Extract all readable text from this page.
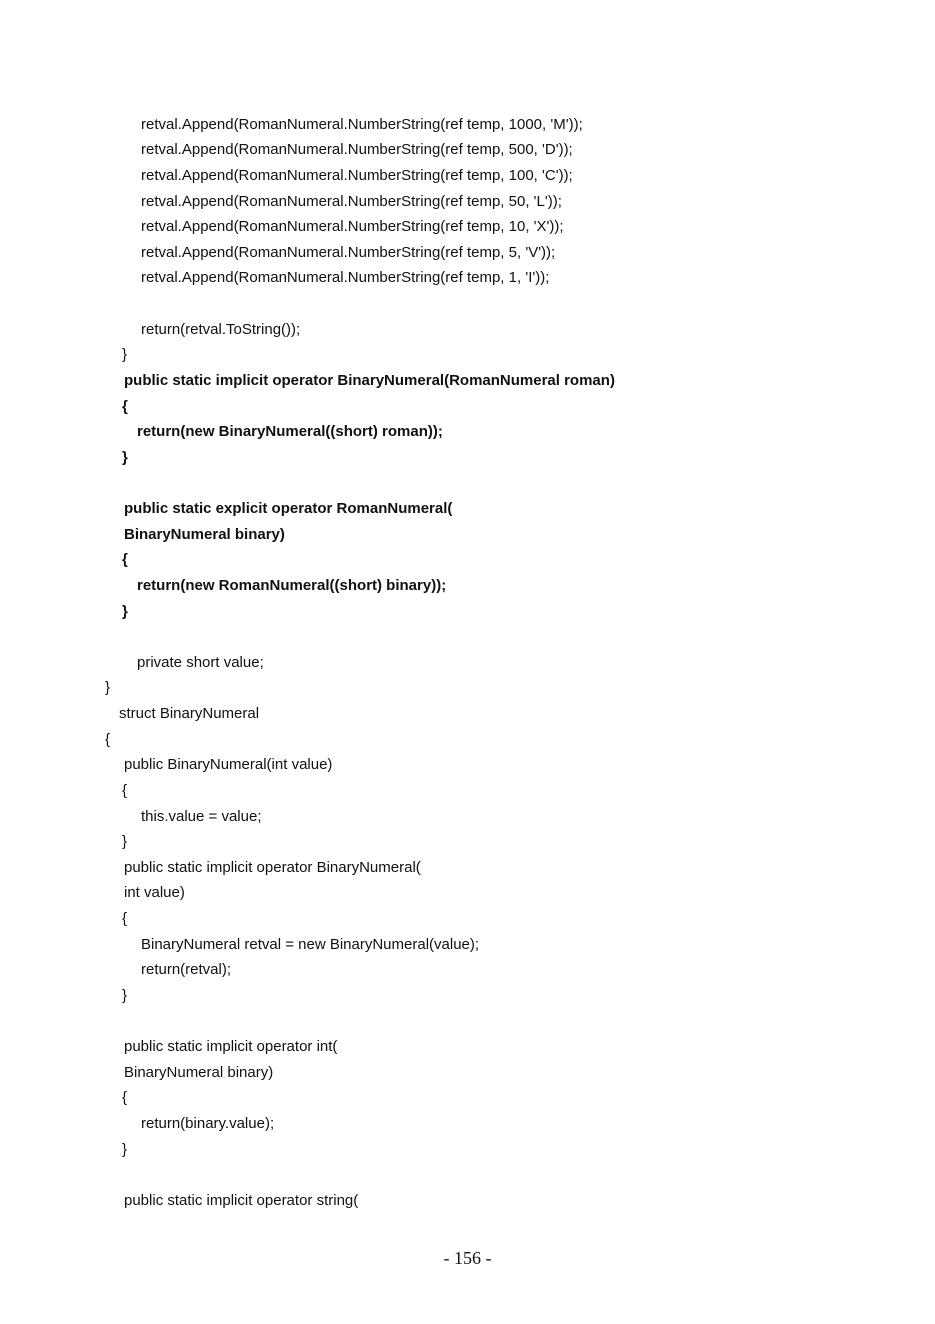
retval.Append(RomanNumeral.NumberString(ref temp, 1000, 'M'));
retval.Append(RomanNumeral.NumberString(ref temp, 500, 'D'));
retval.Append(RomanNumeral.NumberString(ref temp, 100, 'C'));
retval.Append(RomanNumeral.NumberString(ref temp, 50, 'L'));
retval.Append(RomanNumeral.NumberString(ref temp, 10, 'X'));
retval.Append(RomanNumeral.NumberString(ref temp, 5, 'V'));
retval.Append(RomanNumeral.NumberString(ref temp, 1, 'I'));
return(retval.ToString());
}
public static implicit operator BinaryNumeral(RomanNumeral roman)
{
return(new BinaryNumeral((short) roman));
}
public static explicit operator RomanNumeral(
BinaryNumeral binary)
{
return(new RomanNumeral((short) binary));
}
private short value;
}
struct BinaryNumeral
{
public BinaryNumeral(int value)
{
this.value = value;
}
public static implicit operator BinaryNumeral(
int value)
{
BinaryNumeral retval = new BinaryNumeral(value);
return(retval);
}
public static implicit operator int(
BinaryNumeral binary)
{
return(binary.value);
}
public static implicit operator string(
- 156 -
